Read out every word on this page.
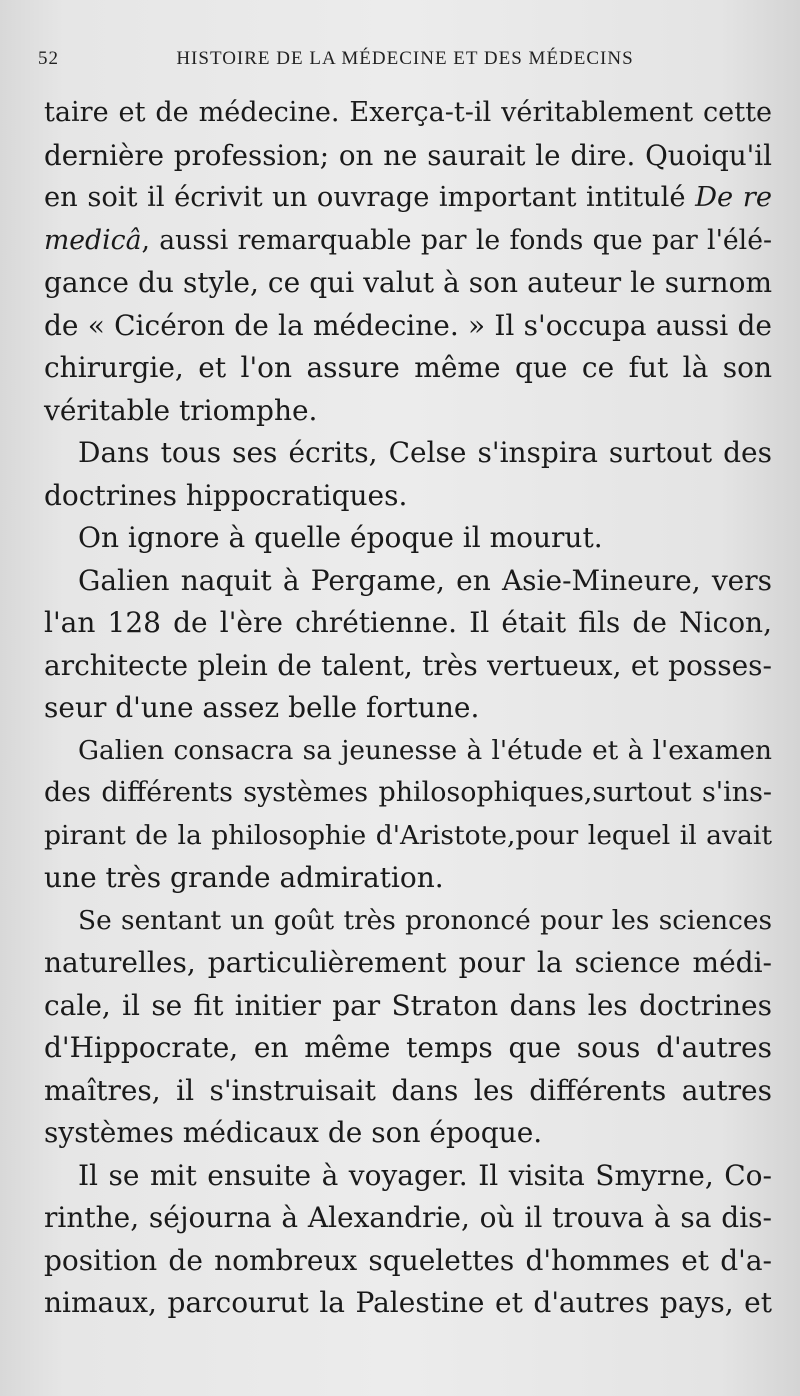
52	HISTOIRE DE LA MÉDECINE ET DES MÉDECINS
taire et de médecine. Exerça-t-il véritablement cette
dernière profession; on ne saurait le dire. Quoiqu'il
en soit il écrivit un ouvrage important intitulé De re
medicâ, aussi remarquable par le fonds que par l'élé-
gance du style, ce qui valut à son auteur le surnom
de « Cicéron de la médecine. » Il s'occupa aussi de
chirurgie, et l'on assure même que ce fut là son
véritable triomphe.
Dans tous ses écrits, Celse s'inspira surtout des
doctrines hippocratiques.
On ignore à quelle époque il mourut.
Galien naquit à Pergame, en Asie-Mineure, vers
l'an 128 de l'ère chrétienne. Il était fils de Nicon,
architecte plein de talent, très vertueux, et posses-
seur d'une assez belle fortune.
Galien consacra sa jeunesse à l'étude et à l'examen
des différents systèmes philosophiques,surtout s'ins-
pirant de la philosophie d'Aristote,pour lequel il avait
une très grande admiration.
Se sentant un goût très prononcé pour les sciences
naturelles, particulièrement pour la science médi-
cale, il se fit initier par Straton dans les doctrines
d'Hippocrate, en même temps que sous d'autres
maîtres, il s'instruisait dans les différents autres
systèmes médicaux de son époque.
Il se mit ensuite à voyager. Il visita Smyrne, Co-
rinthe, séjourna à Alexandrie, où il trouva à sa dis-
position de nombreux squelettes d'hommes et d'a-
nimaux, parcourut la Palestine et d'autres pays, et
